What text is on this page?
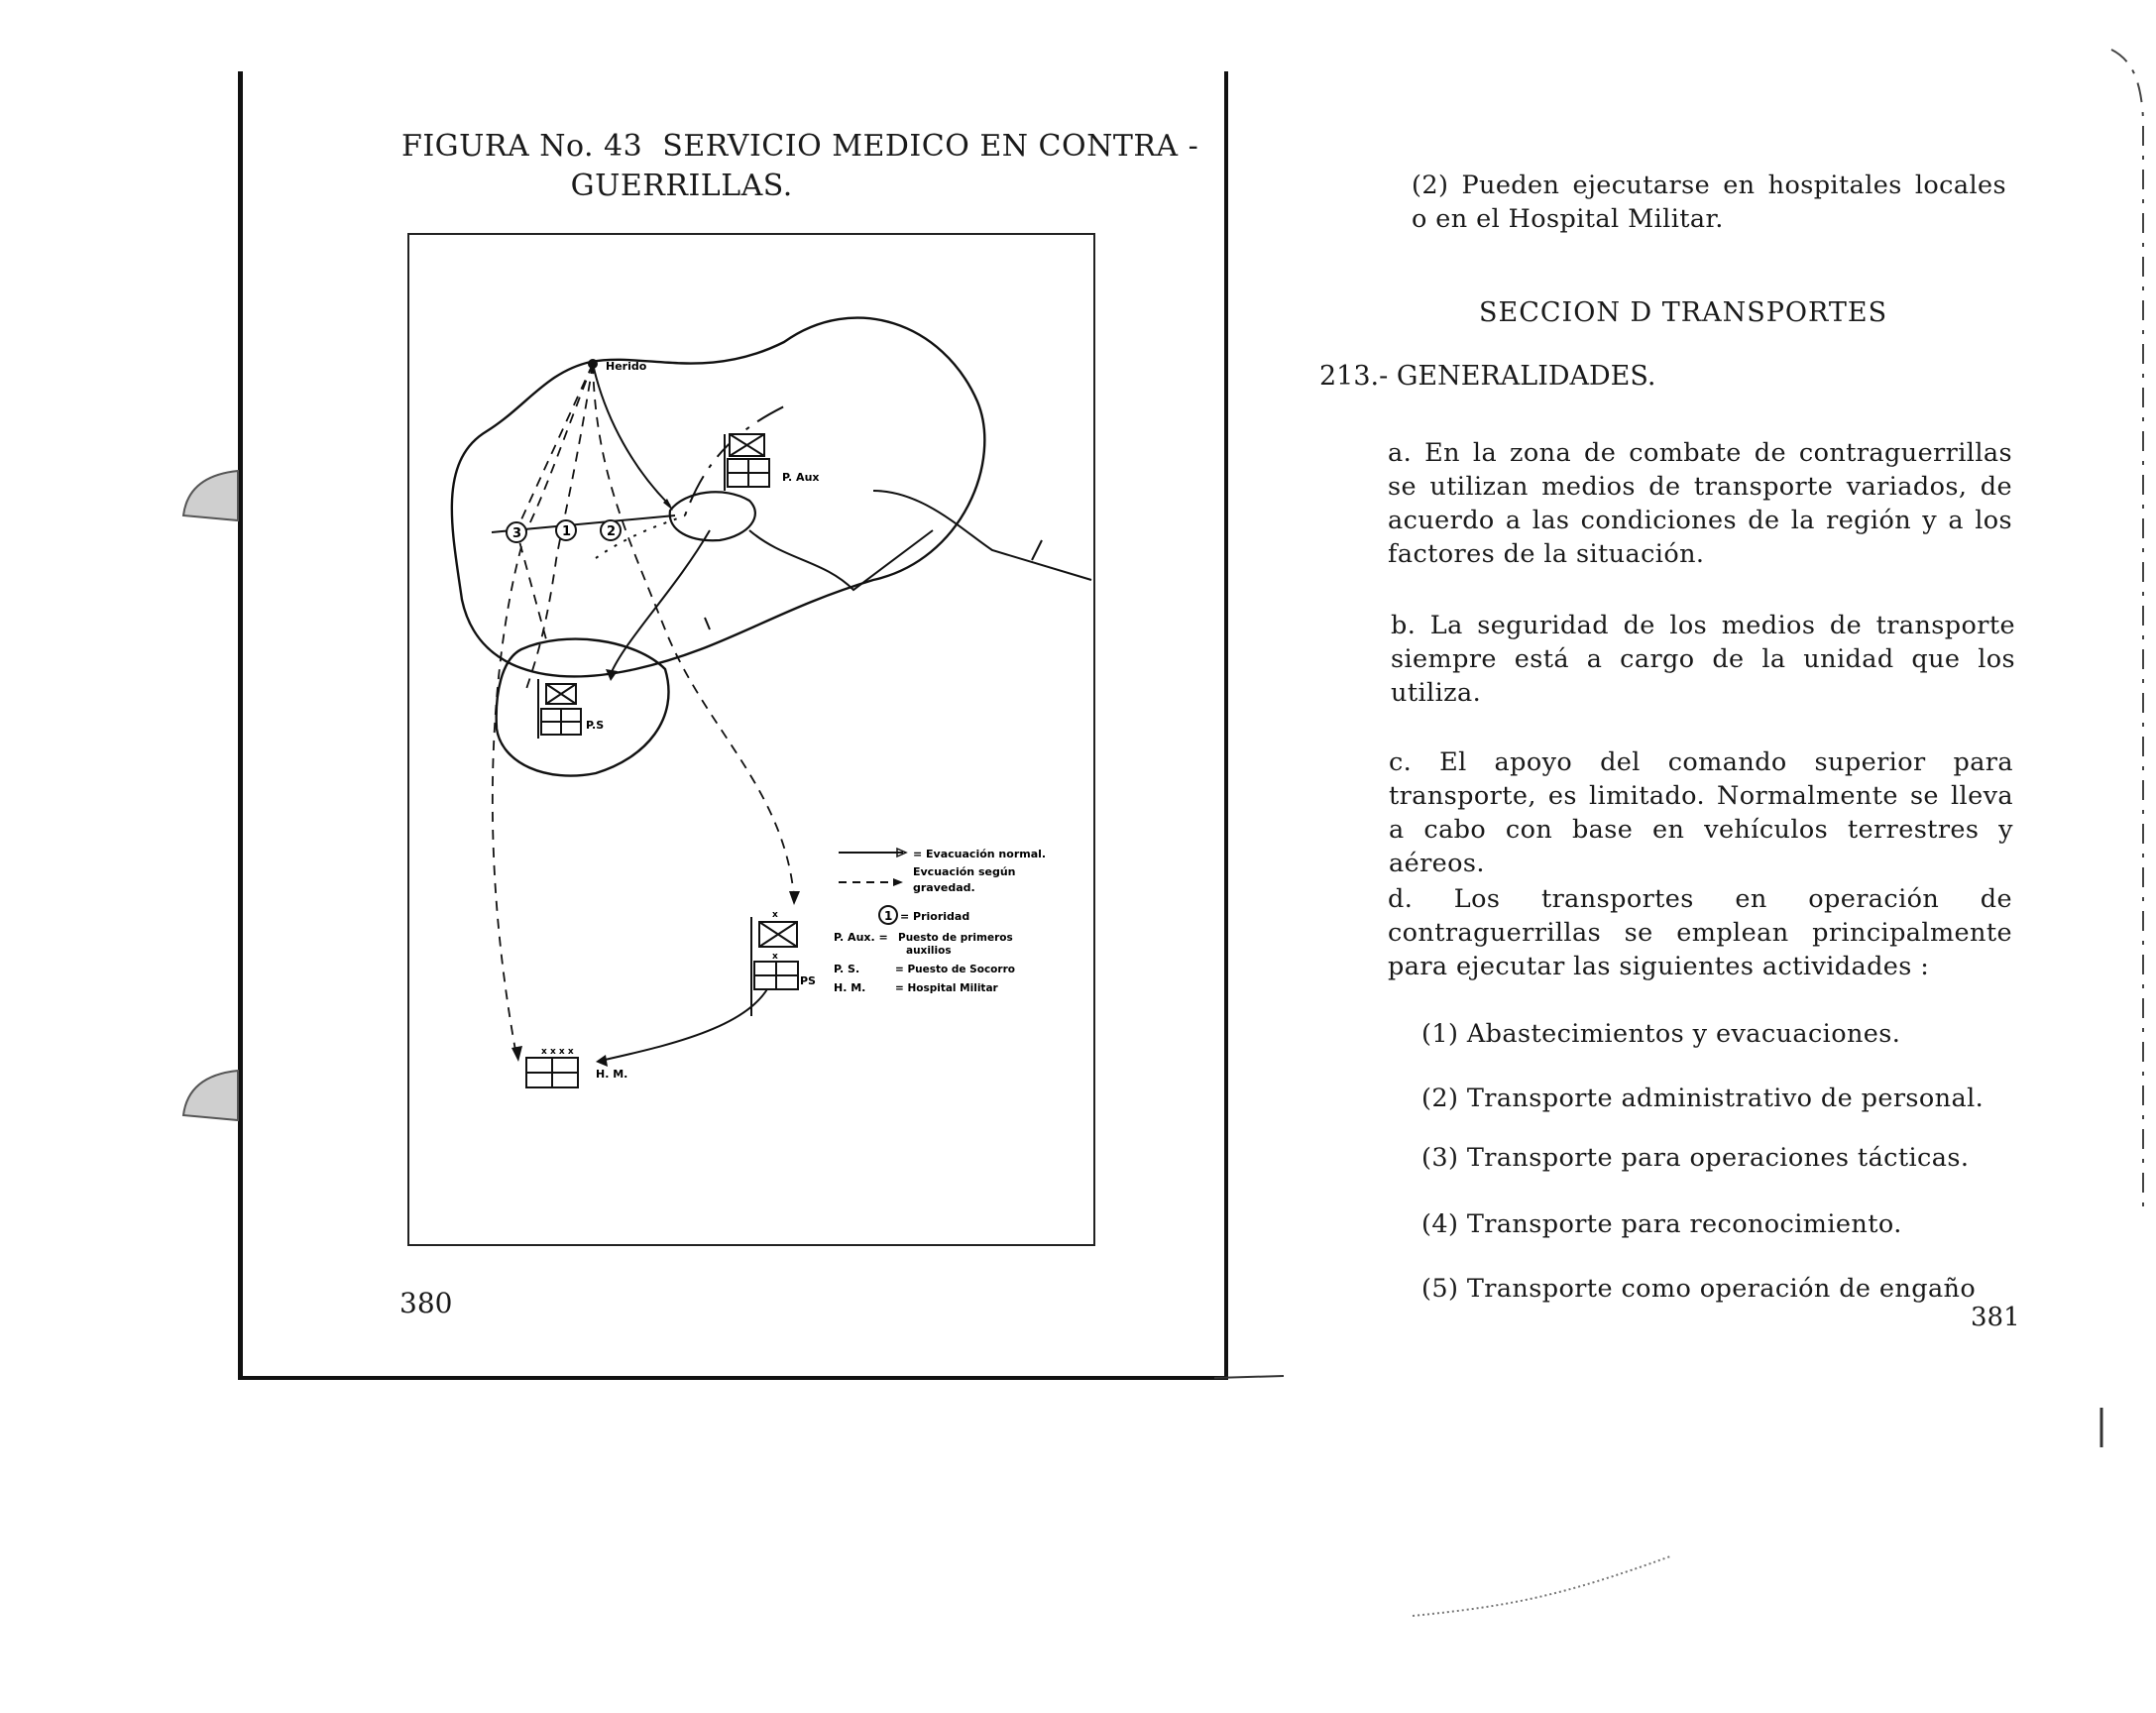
FIGURA No. 43  SERVICIO MEDICO EN CONTRA -
GUERRILLAS.
Herido
3	1	2
P. Aux
P.S
x
x
PS
x x x x
H. M.
= Evacuación normal.
Evcuación según
gravedad.
1 = Prioridad
P. Aux. = Puesto de primeros
auxilios
P. S.	= Puesto de Socorro
H. M.	= Hospital Militar
380
(2) Pueden ejecutarse en hospitales locales o en el Hospital Militar.
SECCION D TRANSPORTES
213.- GENERALIDADES.
a. En la zona de combate de contraguerrillas se utilizan medios de transporte variados, de acuerdo a las condiciones de la región y a los factores de la situación.
b. La seguridad de los medios de transporte siempre está a cargo de la unidad que los utiliza.
c. El apoyo del comando superior para transporte, es limitado. Normalmente se lleva a cabo con base en vehículos terrestres y aéreos.
d. Los transportes en operación de contraguerrillas se emplean principalmente para ejecutar las siguientes actividades :
(1) Abastecimientos y evacuaciones.
(2) Transporte administrativo de personal.
(3) Transporte para operaciones tácticas.
(4) Transporte para reconocimiento.
(5) Transporte como operación de engaño
381
